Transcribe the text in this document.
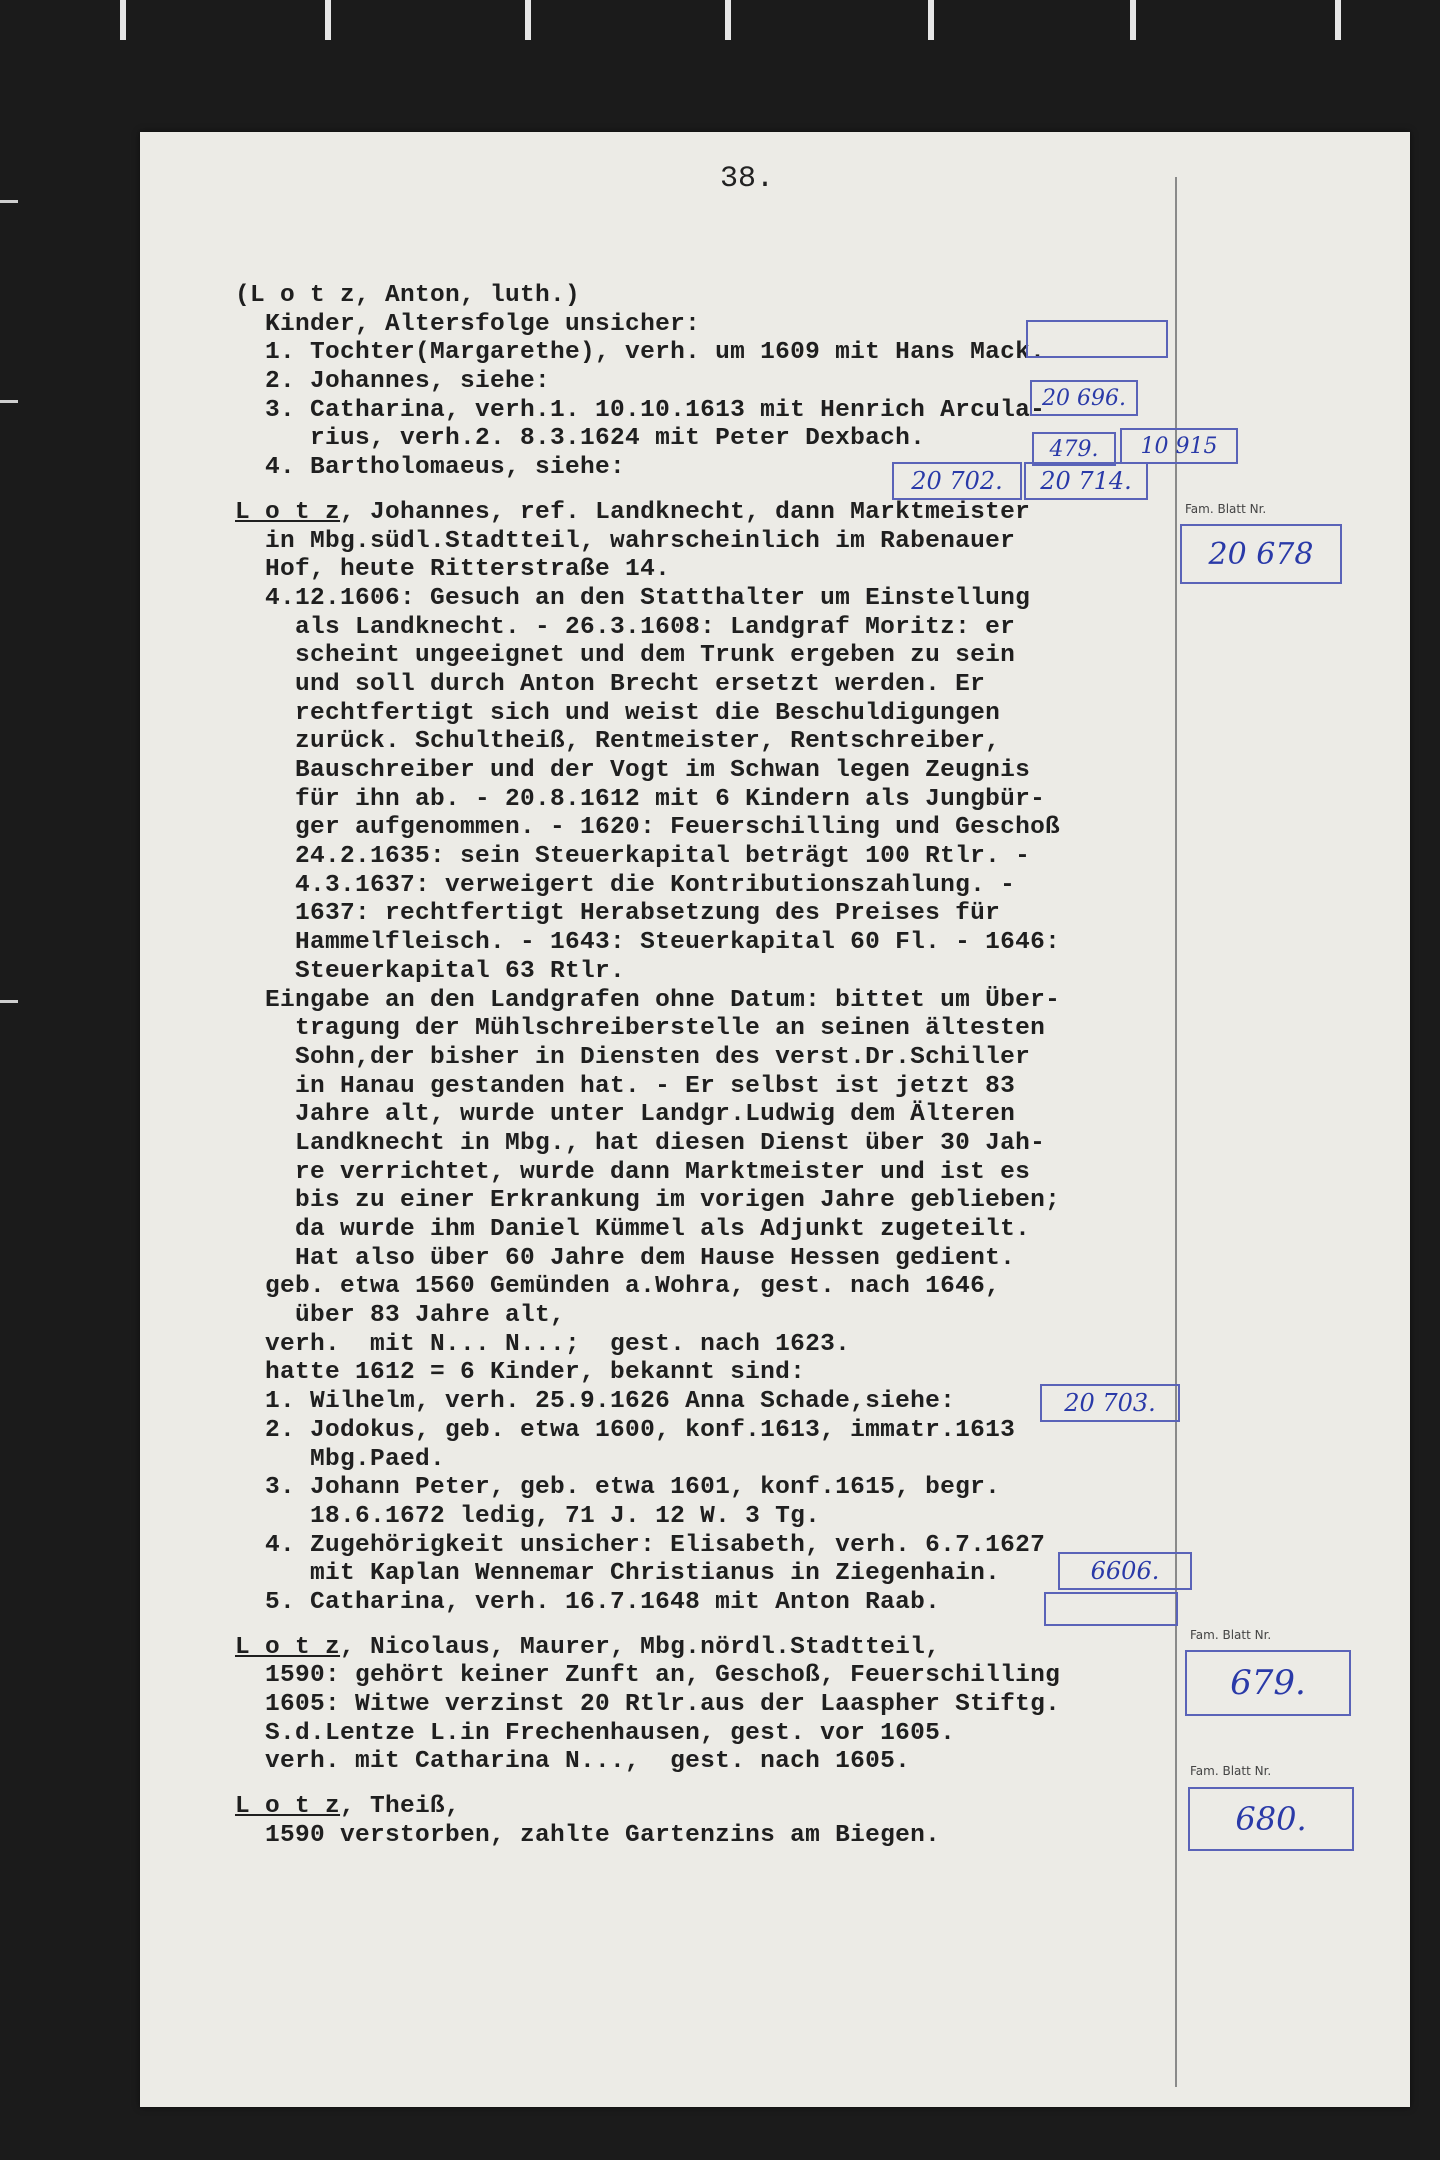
38.
(L o t z, Anton, luth.)
Kinder, Altersfolge unsicher:
1. Tochter(Margarethe), verh. um 1609 mit Hans Mack.
2. Johannes, siehe:
3. Catharina, verh.1. 10.10.1613 mit Henrich Arcula-
rius, verh.2. 8.3.1624 mit Peter Dexbach.
4. Bartholomaeus, siehe:
L o t z, Johannes, ref. Landknecht, dann Marktmeister
in Mbg.südl.Stadtteil, wahrscheinlich im Rabenauer
Hof, heute Ritterstraße 14.
4.12.1606: Gesuch an den Statthalter um Einstellung
als Landknecht. - 26.3.1608: Landgraf Moritz: er
scheint ungeeignet und dem Trunk ergeben zu sein
und soll durch Anton Brecht ersetzt werden. Er
rechtfertigt sich und weist die Beschuldigungen
zurück. Schultheiß, Rentmeister, Rentschreiber,
Bauschreiber und der Vogt im Schwan legen Zeugnis
für ihn ab. - 20.8.1612 mit 6 Kindern als Jungbür-
ger aufgenommen. - 1620: Feuerschilling und Geschoß
24.2.1635: sein Steuerkapital beträgt 100 Rtlr. -
4.3.1637: verweigert die Kontributionszahlung. -
1637: rechtfertigt Herabsetzung des Preises für
Hammelfleisch. - 1643: Steuerkapital 60 Fl. - 1646:
Steuerkapital 63 Rtlr.
Eingabe an den Landgrafen ohne Datum: bittet um Über-
tragung der Mühlschreiberstelle an seinen ältesten
Sohn,der bisher in Diensten des verst.Dr.Schiller
in Hanau gestanden hat. - Er selbst ist jetzt 83
Jahre alt, wurde unter Landgr.Ludwig dem Älteren
Landknecht in Mbg., hat diesen Dienst über 30 Jah-
re verrichtet, wurde dann Marktmeister und ist es
bis zu einer Erkrankung im vorigen Jahre geblieben;
da wurde ihm Daniel Kümmel als Adjunkt zugeteilt.
Hat also über 60 Jahre dem Hause Hessen gedient.
geb. etwa 1560 Gemünden a.Wohra, gest. nach 1646,
über 83 Jahre alt,
verh.  mit N... N...;  gest. nach 1623.
hatte 1612 = 6 Kinder, bekannt sind:
1. Wilhelm, verh. 25.9.1626 Anna Schade,siehe:
2. Jodokus, geb. etwa 1600, konf.1613, immatr.1613
Mbg.Paed.
3. Johann Peter, geb. etwa 1601, konf.1615, begr.
18.6.1672 ledig, 71 J. 12 W. 3 Tg.
4. Zugehörigkeit unsicher: Elisabeth, verh. 6.7.1627
mit Kaplan Wennemar Christianus in Ziegenhain.
5. Catharina, verh. 16.7.1648 mit Anton Raab.
L o t z, Nicolaus, Maurer, Mbg.nördl.Stadtteil,
1590: gehört keiner Zunft an, Geschoß, Feuerschilling
1605: Witwe verzinst 20 Rtlr.aus der Laaspher Stiftg.
S.d.Lentze L.in Frechenhausen, gest. vor 1605.
verh. mit Catharina N...,  gest. nach 1605.
L o t z, Theiß,
1590 verstorben, zahlte Gartenzins am Biegen.
20 696.
479.	10 915
20 702.	20 714.
Fam. Blatt Nr.
20 678
20 703.
6606.
Fam. Blatt Nr.
679.
Fam. Blatt Nr.
680.
